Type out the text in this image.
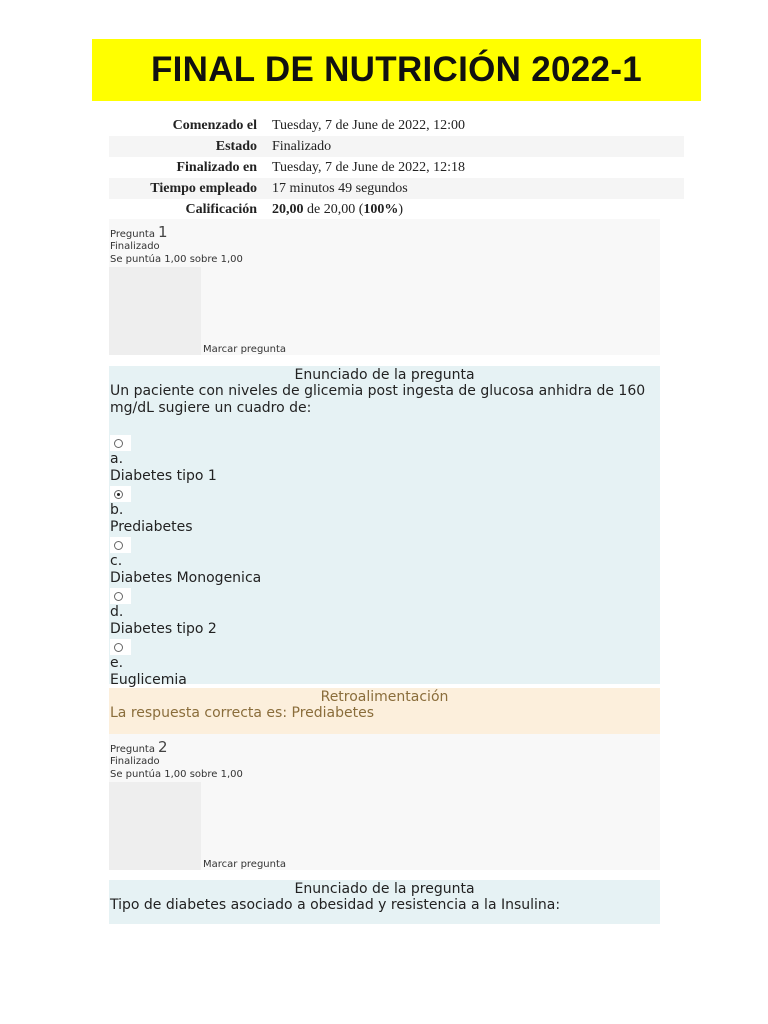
FINAL DE NUTRICIÓN 2022-1
Comenzado el	Tuesday, 7 de June de 2022, 12:00
Estado	Finalizado
Finalizado en	Tuesday, 7 de June de 2022, 12:18
Tiempo empleado	17 minutos 49 segundos
Calificación	20,00 de 20,00 (100%)
Pregunta 1
Finalizado
Se puntúa 1,00 sobre 1,00
Marcar pregunta
Enunciado de la pregunta
Un paciente con niveles de glicemia post ingesta de glucosa anhidra de 160 mg/dL sugiere un cuadro de:
a.
Diabetes tipo 1
b.
Prediabetes
c.
Diabetes Monogenica
d.
Diabetes tipo 2
e.
Euglicemia
Retroalimentación
La respuesta correcta es: Prediabetes
Pregunta 2
Finalizado
Se puntúa 1,00 sobre 1,00
Marcar pregunta
Enunciado de la pregunta
Tipo de diabetes asociado a obesidad y resistencia a la Insulina:
